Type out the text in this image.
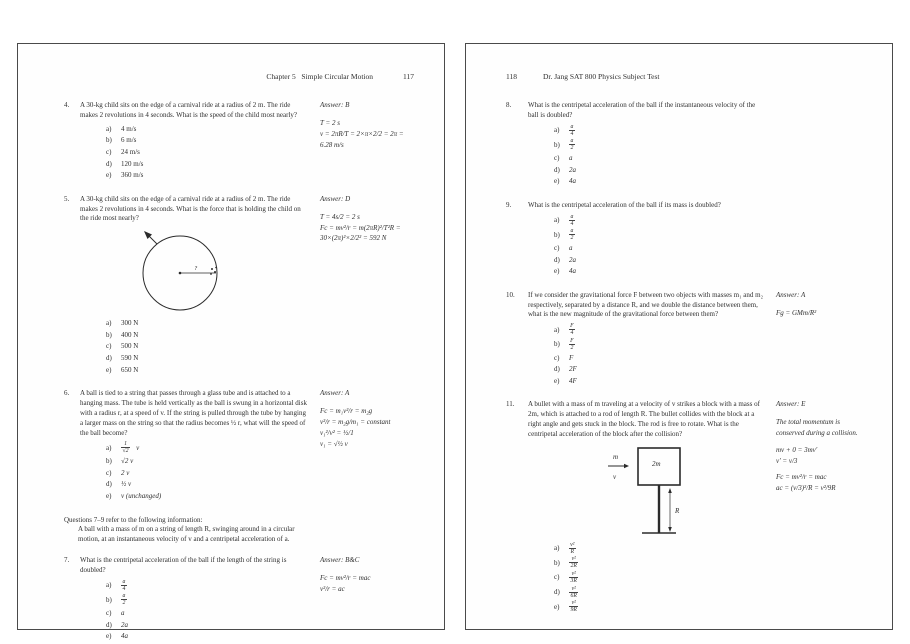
Chapter 5   Simple Circular Motion	117
4.	A 30-kg child sits on the edge of a carnival ride at a radius of 2 m. The ride makes 2 revolutions in 4 seconds. What is the speed of the child most nearly?
a)	4 m/s
b)	6 m/s
c)	24 m/s
d)	120 m/s
e)	360 m/s
Answer: B
T = 2 s
v = 2πR/T = 2×π×2/2 = 2π =
6.28 m/s
5.	A 30-kg child sits on the edge of a carnival ride at a radius of 2 m. The ride makes 2 revolutions in 4 seconds. What is the force that is holding the child on the ride most nearly?
?
a)	300 N
b)	400 N
c)	500 N
d)	590 N
e)	650 N
Answer: D
T = 4s/2 = 2 s
Fc = mv²/r = m(2πR)²/T²R =
30×(2π)²×2/2² = 592 N
6.	A ball is tied to a string that passes through a glass tube and is attached to a hanging mass. The tube is held vertically as the ball is swung in a horizontal disk with a radius r, at a speed of v. If the string is pulled through the tube by hanging a larger mass on the string so that the radius becomes ½ r, what will the speed of the ball become?
a)	$\frac{1}{√2}$ v
b)	√2 v
c)	2 v
d)	½ v
e)	v (unchanged)
Answer: A
Fc = m₁v²/r = m₂g
v²/r = m₂g/m₁ = constant
v₁²/v² = ½/1
v₁ = √½ v
Questions 7–9 refer to the following information:
A ball with a mass of m on a string of length R, swinging around in a circular motion, at an instantaneous velocity of v and a centripetal acceleration of a.
7.	What is the centripetal acceleration of the ball if the length of the string is doubled?
a)	$\frac{a}{4}$
b)	$\frac{a}{2}$
c)	a
d)	2a
e)	4a
Answer: B&C
Fc = mv²/r = mac
v²/r = ac
118	Dr. Jang SAT 800 Physics Subject Test
8.	What is the centripetal acceleration of the ball if the instantaneous velocity of the ball is doubled?
a)	$\frac{a}{4}$
b)	$\frac{a}{2}$
c)	a
d)	2a
e)	4a
9.	What is the centripetal acceleration of the ball if its mass is doubled?
a)	$\frac{a}{4}$
b)	$\frac{a}{2}$
c)	a
d)	2a
e)	4a
10.	If we consider the gravitational force F between two objects with masses m₁ and m₂ respectively, separated by a distance R, and we double the distance between them, what is the new magnitude of the gravitational force between them?
a)	$\frac{F}{4}$
b)	$\frac{F}{2}$
c)	F
d)	2F
e)	4F
Answer: A
Fg = GMm/R²
11.	A bullet with a mass of m traveling at a velocity of v strikes a block with a mass of 2m, which is attached to a rod of length R. The bullet collides with the block at a right angle and gets stuck in the block. The rod is free to rotate. What is the centripetal acceleration of the block after the collision?
m
v
2m
R
a)	$\frac{\text{v²}}{R}$
b)	$\frac{\text{v²}}{2R}$
c)	$\frac{\text{v²}}{3R}$
d)	$\frac{\text{v²}}{6R}$
e)	$\frac{\text{v²}}{9R}$
Answer: E
The total momentum is conserved during a collision.
mv + 0 = 3mv′
v′ = v/3
Fc = mv²/r = mac
ac = (v/3)²/R = v²/9R
